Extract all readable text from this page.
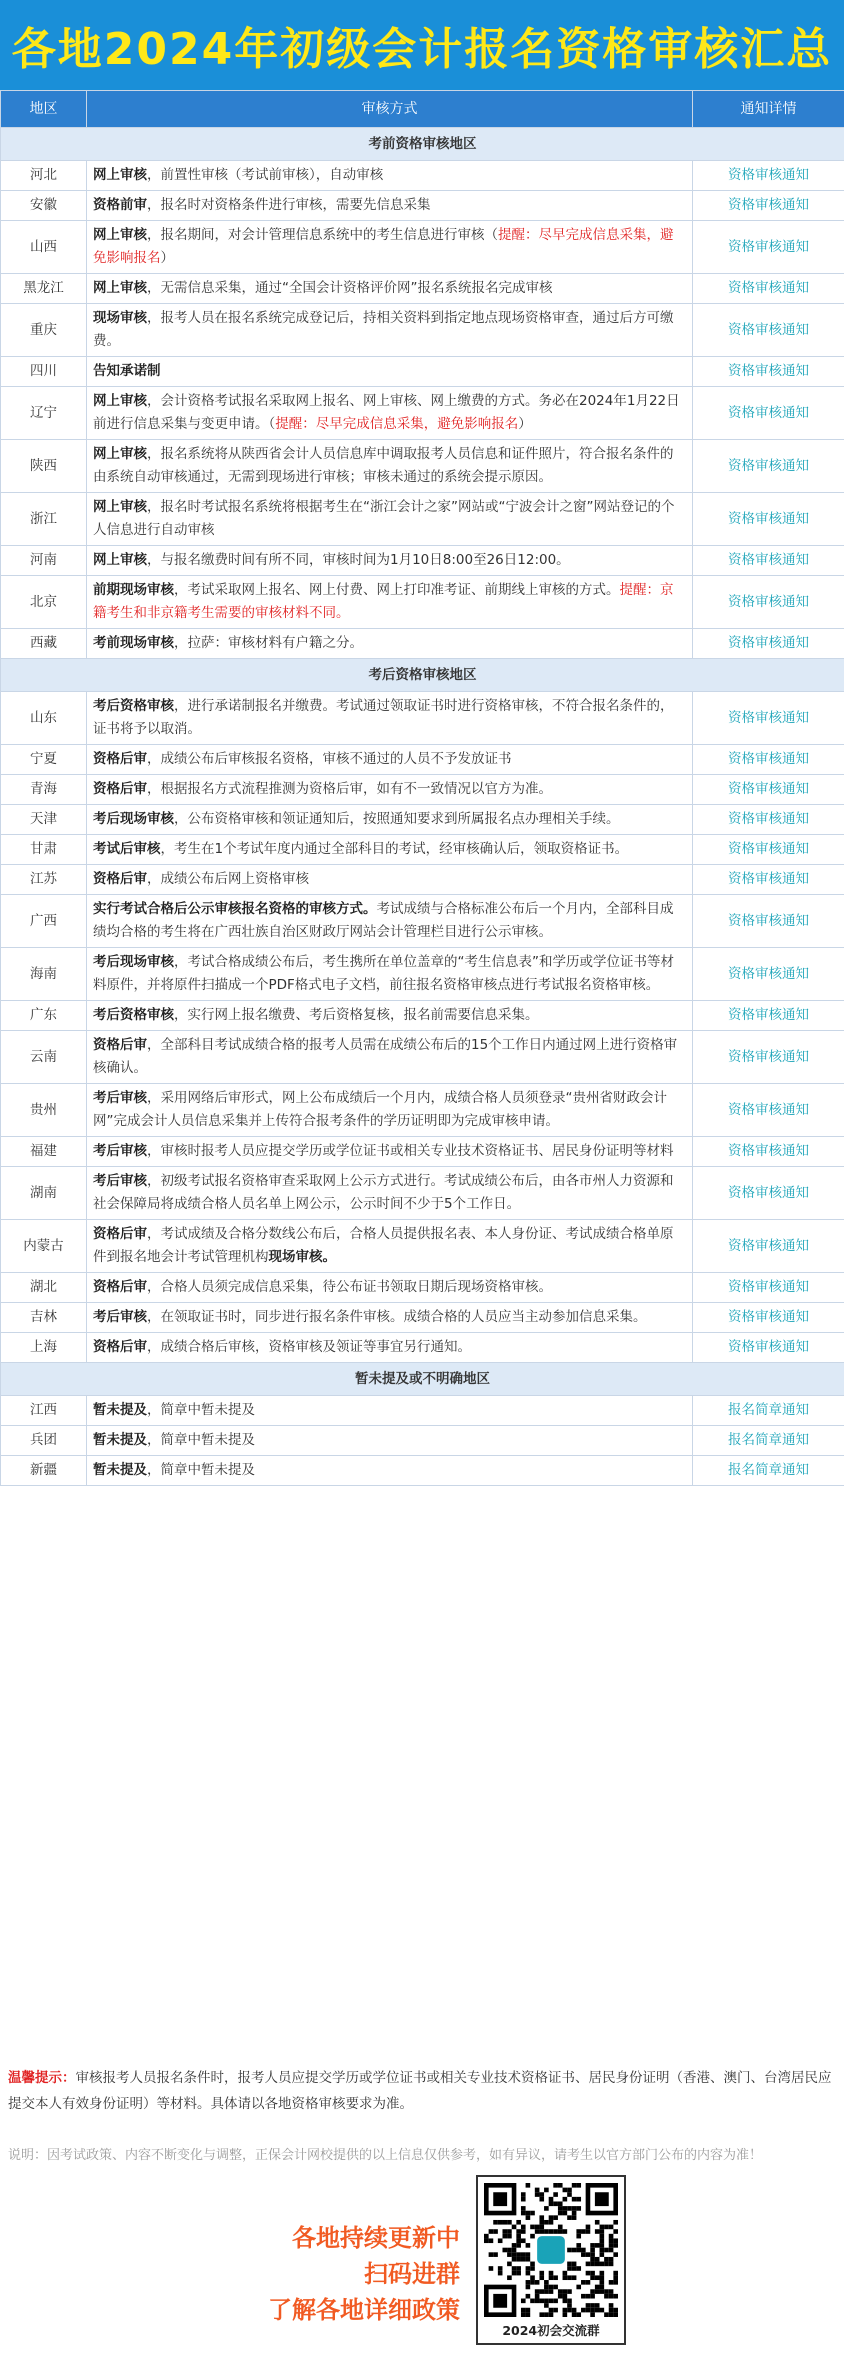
各地2024年初级会计报名资格审核汇总
地区	审核方式	通知详情
考前资格审核地区		
河北	网上审核，前置性审核（考试前审核），自动审核	资格审核通知
安徽	资格前审，报名时对资格条件进行审核，需要先信息采集	资格审核通知
山西	网上审核，报名期间，对会计管理信息系统中的考生信息进行审核（提醒：尽早完成信息采集，避免影响报名）	资格审核通知
黑龙江	网上审核，无需信息采集，通过“全国会计资格评价网”报名系统报名完成审核	资格审核通知
重庆	现场审核，报考人员在报名系统完成登记后，持相关资料到指定地点现场资格审查，通过后方可缴费。	资格审核通知
四川	告知承诺制	资格审核通知
辽宁	网上审核，会计资格考试报名采取网上报名、网上审核、网上缴费的方式。务必在2024年1月22日前进行信息采集与变更申请。（提醒：尽早完成信息采集，避免影响报名）	资格审核通知
陕西	网上审核，报名系统将从陕西省会计人员信息库中调取报考人员信息和证件照片，符合报名条件的由系统自动审核通过，无需到现场进行审核；审核未通过的系统会提示原因。	资格审核通知
浙江	网上审核，报名时考试报名系统将根据考生在“浙江会计之家”网站或“宁波会计之窗”网站登记的个人信息进行自动审核	资格审核通知
河南	网上审核，与报名缴费时间有所不同，审核时间为1月10日8:00至26日12:00。	资格审核通知
北京	前期现场审核，考试采取网上报名、网上付费、网上打印准考证、前期线上审核的方式。提醒：京籍考生和非京籍考生需要的审核材料不同。	资格审核通知
西藏	考前现场审核，拉萨：审核材料有户籍之分。	资格审核通知
考后资格审核地区		
山东	考后资格审核，进行承诺制报名并缴费。考试通过领取证书时进行资格审核，不符合报名条件的，证书将予以取消。	资格审核通知
宁夏	资格后审，成绩公布后审核报名资格，审核不通过的人员不予发放证书	资格审核通知
青海	资格后审，根据报名方式流程推测为资格后审，如有不一致情况以官方为准。	资格审核通知
天津	考后现场审核，公布资格审核和领证通知后，按照通知要求到所属报名点办理相关手续。	资格审核通知
甘肃	考试后审核，考生在1个考试年度内通过全部科目的考试，经审核确认后，领取资格证书。	资格审核通知
江苏	资格后审，成绩公布后网上资格审核	资格审核通知
广西	实行考试合格后公示审核报名资格的审核方式。考试成绩与合格标准公布后一个月内，全部科目成绩均合格的考生将在广西壮族自治区财政厅网站会计管理栏目进行公示审核。	资格审核通知
海南	考后现场审核，考试合格成绩公布后，考生携所在单位盖章的“考生信息表”和学历或学位证书等材料原件，并将原件扫描成一个PDF格式电子文档，前往报名资格审核点进行考试报名资格审核。	资格审核通知
广东	考后资格审核，实行网上报名缴费、考后资格复核，报名前需要信息采集。	资格审核通知
云南	资格后审，全部科目考试成绩合格的报考人员需在成绩公布后的15个工作日内通过网上进行资格审核确认。	资格审核通知
贵州	考后审核，采用网络后审形式，网上公布成绩后一个月内，成绩合格人员须登录“贵州省财政会计网”完成会计人员信息采集并上传符合报考条件的学历证明即为完成审核申请。	资格审核通知
福建	考后审核，审核时报考人员应提交学历或学位证书或相关专业技术资格证书、居民身份证明等材料	资格审核通知
湖南	考后审核，初级考试报名资格审查采取网上公示方式进行。考试成绩公布后，由各市州人力资源和社会保障局将成绩合格人员名单上网公示，公示时间不少于5个工作日。	资格审核通知
内蒙古	资格后审，考试成绩及合格分数线公布后，合格人员提供报名表、本人身份证、考试成绩合格单原件到报名地会计考试管理机构现场审核。	资格审核通知
湖北	资格后审，合格人员须完成信息采集，待公布证书领取日期后现场资格审核。	资格审核通知
吉林	考后审核，在领取证书时，同步进行报名条件审核。成绩合格的人员应当主动参加信息采集。	资格审核通知
上海	资格后审，成绩合格后审核，资格审核及领证等事宜另行通知。	资格审核通知
暂未提及或不明确地区		
江西	暂未提及，简章中暂未提及	报名简章通知
兵团	暂未提及，简章中暂未提及	报名简章通知
新疆	暂未提及，简章中暂未提及	报名简章通知
温馨提示：审核报考人员报名条件时，报考人员应提交学历或学位证书或相关专业技术资格证书、居民身份证明（香港、澳门、台湾居民应提交本人有效身份证明）等材料。具体请以各地资格审核要求为准。
说明：因考试政策、内容不断变化与调整，正保会计网校提供的以上信息仅供参考，如有异议，请考生以官方部门公布的内容为准！
各地持续更新中
扫码进群
了解各地详细政策
2024初会交流群
